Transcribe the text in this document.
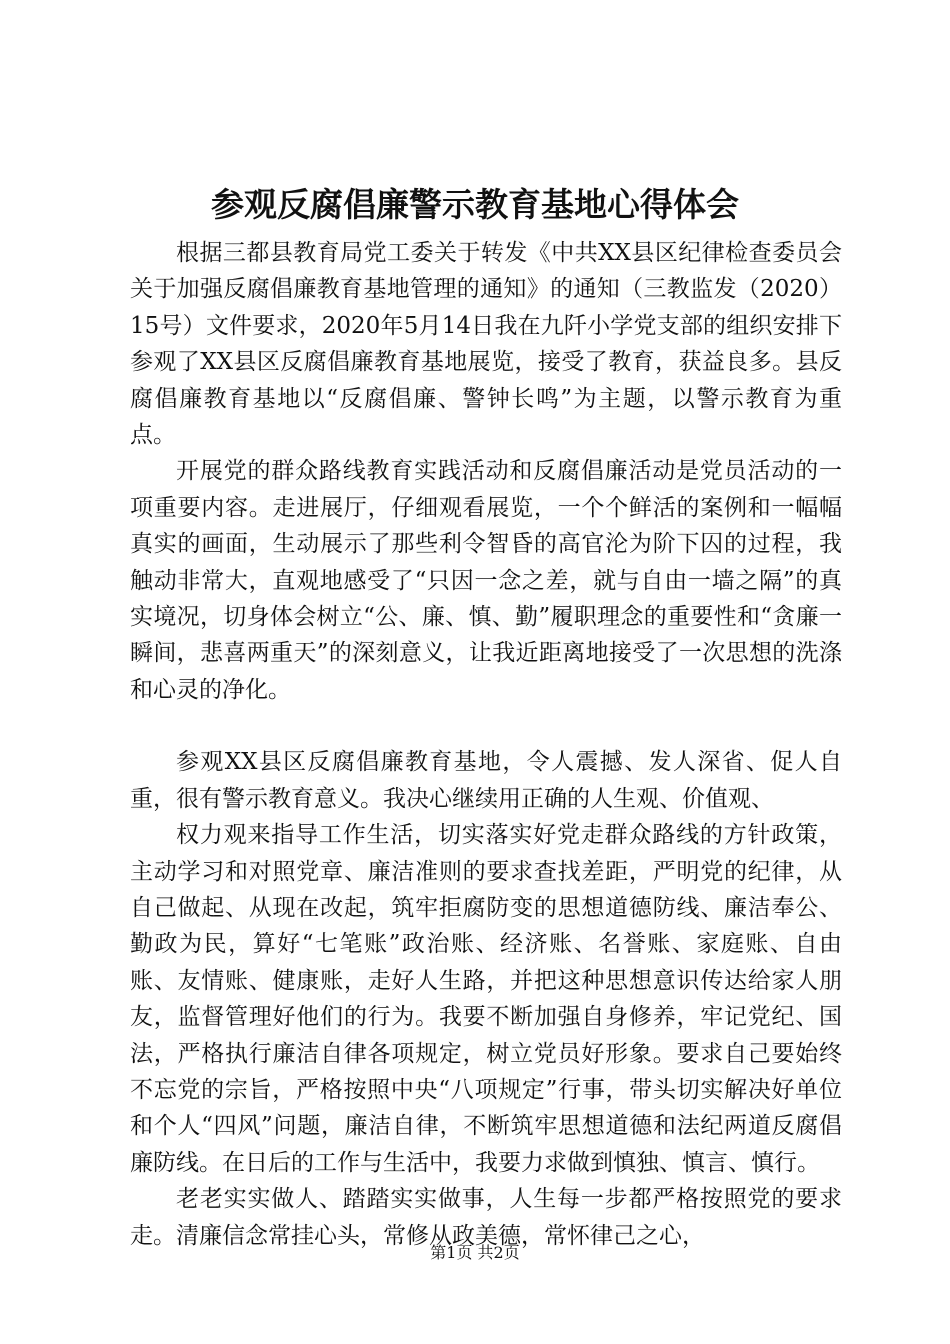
参观反腐倡廉警示教育基地心得体会

根据三都县教育局党工委关于转发《中共XX县区纪律检查委员会关于加强反腐倡廉教育基地管理的通知》的通知（三教监发（2020）15号）文件要求，2020年5月14日我在九阡小学党支部的组织安排下参观了XX县区反腐倡廉教育基地展览，接受了教育，获益良多。县反腐倡廉教育基地以“反腐倡廉、警钟长鸣”为主题，以警示教育为重点。

开展党的群众路线教育实践活动和反腐倡廉活动是党员活动的一项重要内容。走进展厅，仔细观看展览，一个个鲜活的案例和一幅幅真实的画面，生动展示了那些利令智昏的高官沦为阶下囚的过程，我触动非常大，直观地感受了“只因一念之差，就与自由一墙之隔”的真实境况，切身体会树立“公、廉、慎、勤”履职理念的重要性和“贪廉一瞬间，悲喜两重天”的深刻意义，让我近距离地接受了一次思想的洗涤和心灵的净化。

参观XX县区反腐倡廉教育基地，令人震撼、发人深省、促人自重，很有警示教育意义。我决心继续用正确的人生观、价值观、

权力观来指导工作生活，切实落实好党走群众路线的方针政策，主动学习和对照党章、廉洁准则的要求查找差距，严明党的纪律，从自己做起、从现在改起，筑牢拒腐防变的思想道德防线、廉洁奉公、勤政为民，算好“七笔账”政治账、经济账、名誉账、家庭账、自由账、友情账、健康账，走好人生路，并把这种思想意识传达给家人朋友，监督管理好他们的行为。我要不断加强自身修养，牢记党纪、国法，严格执行廉洁自律各项规定，树立党员好形象。要求自己要始终不忘党的宗旨，严格按照中央“八项规定”行事，带头切实解决好单位和个人“四风”问题，廉洁自律，不断筑牢思想道德和法纪两道反腐倡廉防线。在日后的工作与生活中，我要力求做到慎独、慎言、慎行。

老老实实做人、踏踏实实做事，人生每一步都严格按照党的要求走。清廉信念常挂心头，常修从政美德，常怀律己之心，

第1页 共2页
